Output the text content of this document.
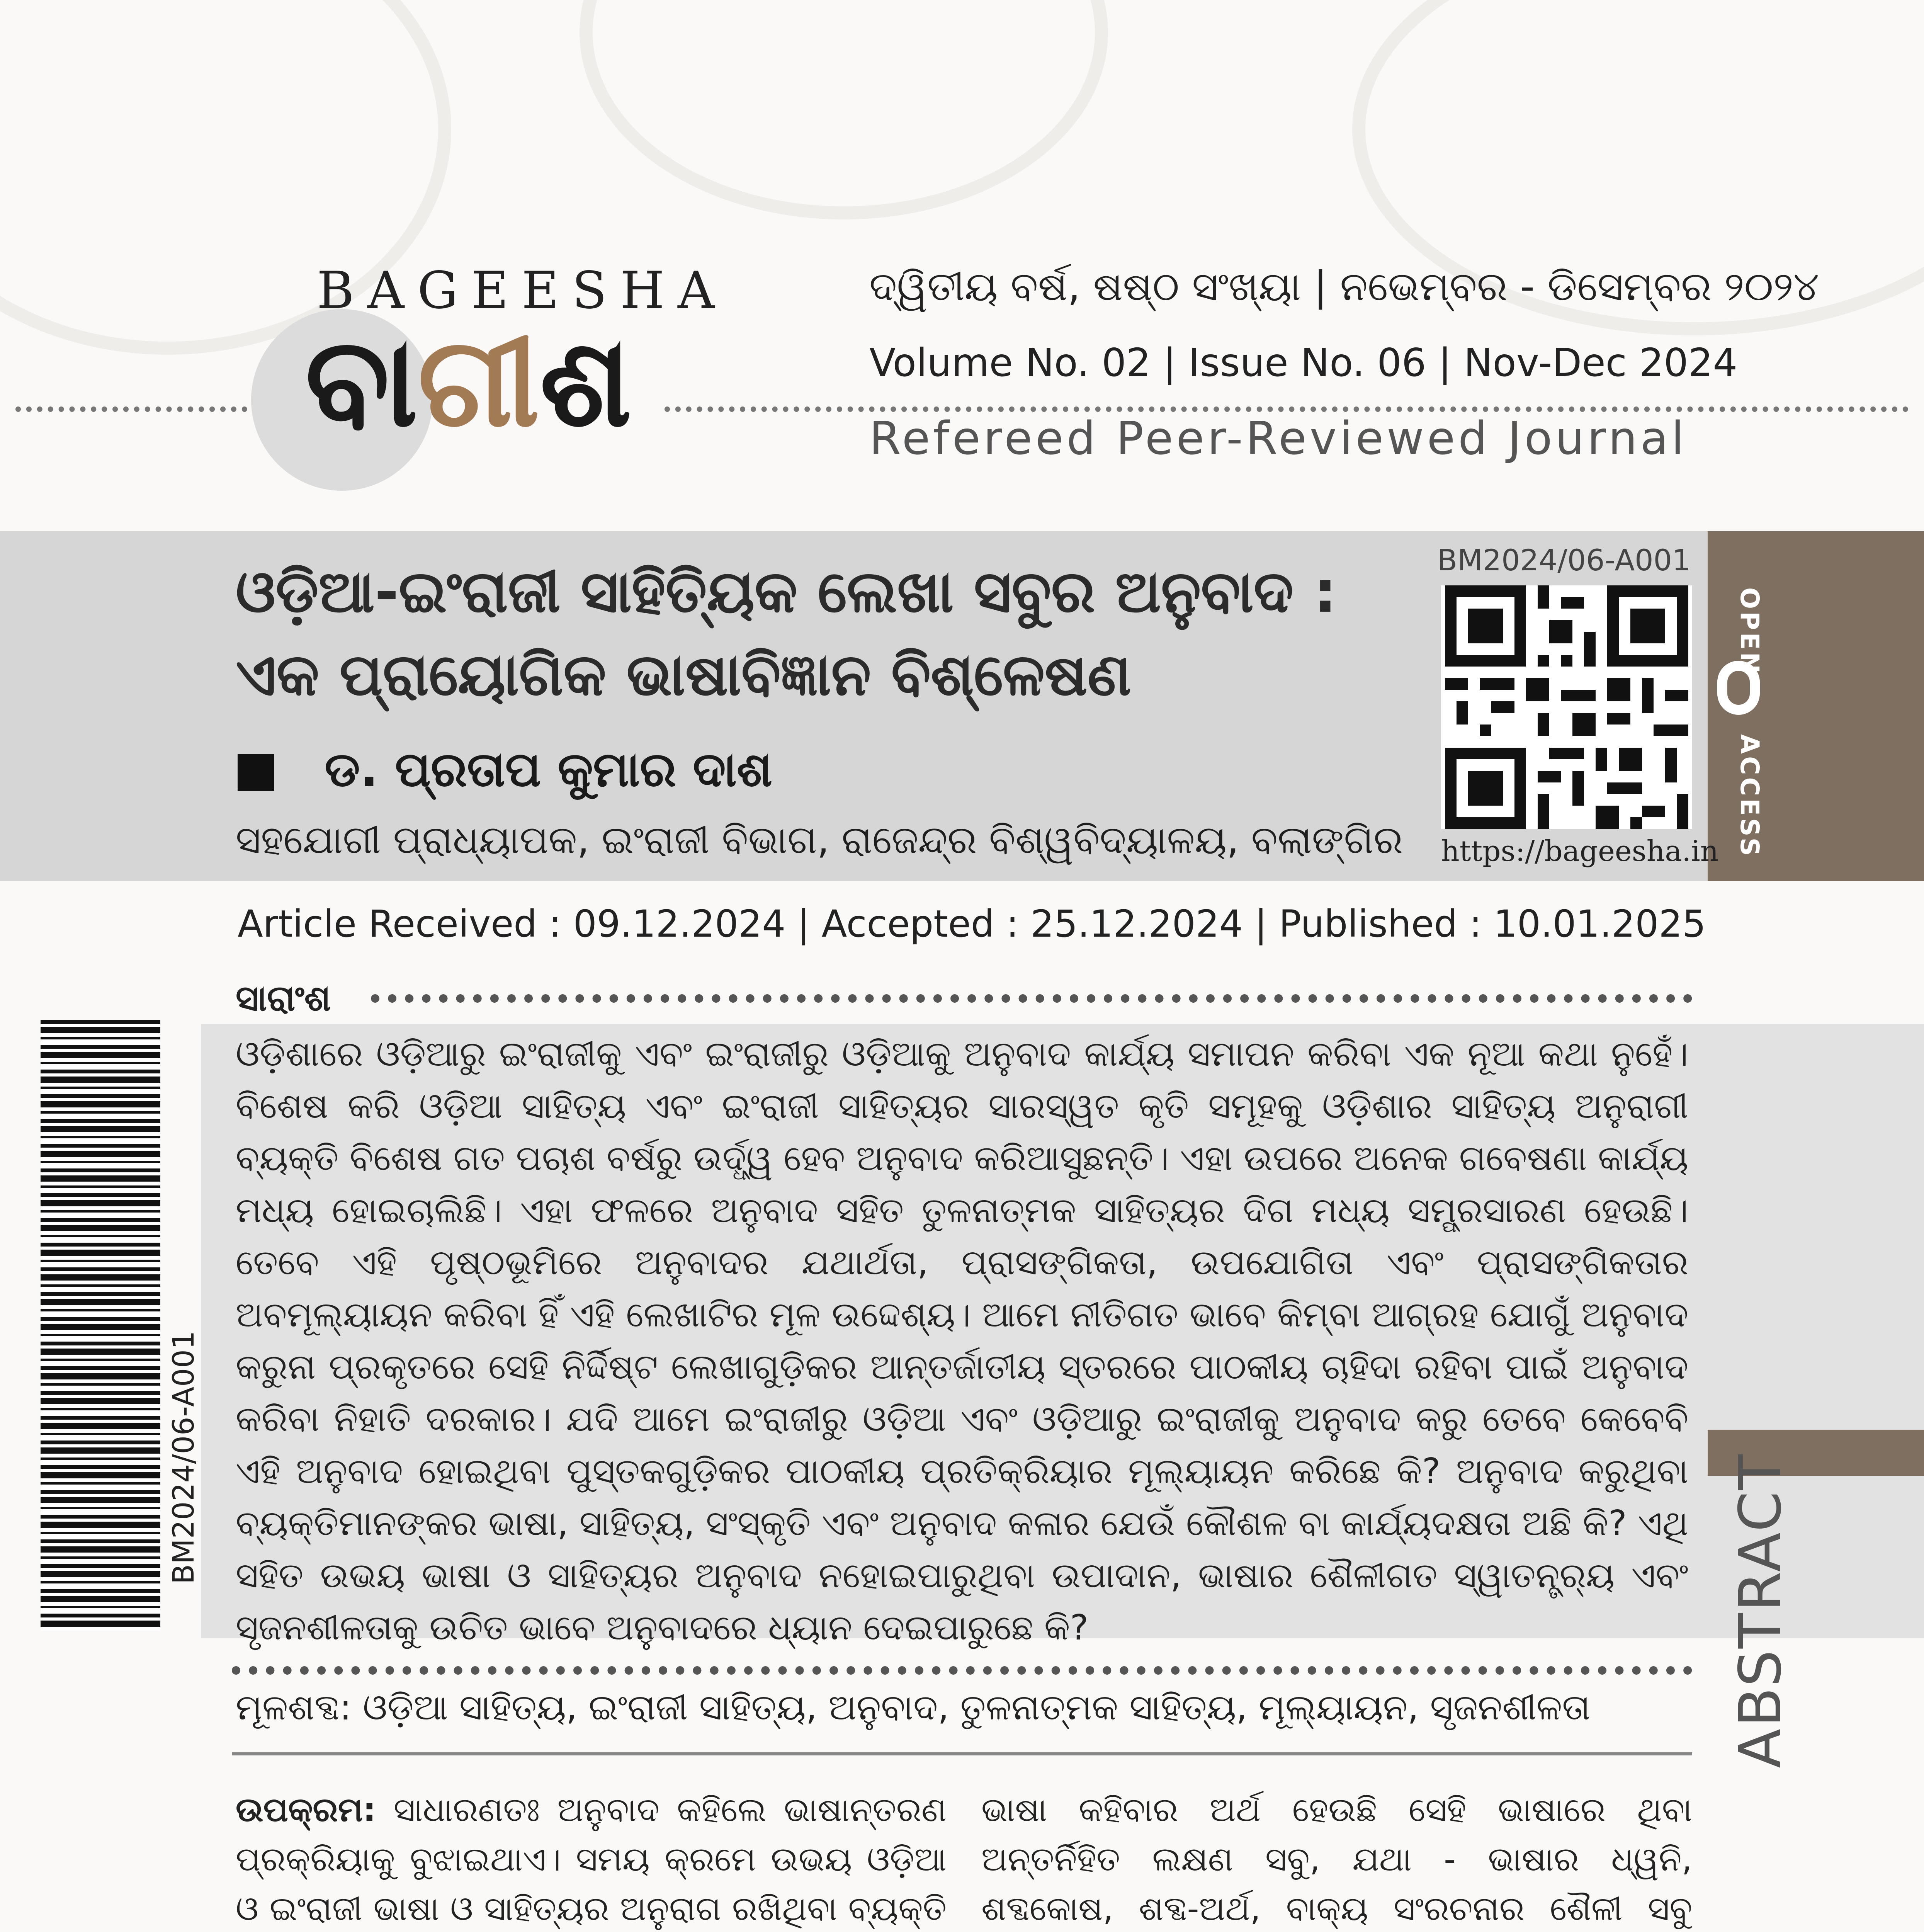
BAGEESHA
ବାଗୀଶ
ଦ୍ୱିତୀୟ ବର୍ଷ, ଷଷ୍ଠ ସଂଖ୍ୟା | ନଭେମ୍ବର - ଡିସେମ୍ବର ୨୦୨୪
Volume No. 02 | Issue No. 06 | Nov-Dec 2024
Refereed Peer-Reviewed Journal
ଓଡ଼ିଆ-ଇଂରାଜୀ ସାହିତ୍ୟିକ ଲେଖା ସବୁର ଅନୁବାଦ :
ଏକ ପ୍ରାୟୋଗିକ ଭାଷାବିଜ୍ଞାନ ବିଶ୍ଳେଷଣ
ଡ. ପ୍ରତାପ କୁମାର ଦାଶ
ସହଯୋଗୀ ପ୍ରାଧ୍ୟାପକ, ଇଂରାଜୀ ବିଭାଗ, ରାଜେନ୍ଦ୍ର ବିଶ୍ୱବିଦ୍ୟାଳୟ, ବଲାଙ୍ଗିର
BM2024/06-A001
https://bageesha.in
OPEN
ACCESS
Article Received : 09.12.2024 | Accepted : 25.12.2024 | Published : 10.01.2025
ସାରାଂଶ
ଓଡ଼ିଶାରେ ଓଡ଼ିଆରୁ ଇଂରାଜୀକୁ ଏବଂ ଇଂରାଜୀରୁ ଓଡ଼ିଆକୁ ଅନୁବାଦ କାର୍ଯ୍ୟ ସମାପନ କରିବା ଏକ ନୂଆ କଥା ନୁହେଁ। ବିଶେଷ କରି ଓଡ଼ିଆ ସାହିତ୍ୟ ଏବଂ ଇଂରାଜୀ ସାହିତ୍ୟର ସାରସ୍ୱତ କୃତି ସମୂହକୁ ଓଡ଼ିଶାର ସାହିତ୍ୟ ଅନୁରାଗୀ ବ୍ୟକ୍ତି ବିଶେଷ ଗତ ପଚାଶ ବର୍ଷରୁ ଉର୍ଦ୍ଧ୍ୱ ହେବ ଅନୁବାଦ କରିଆସୁଛନ୍ତି। ଏହା ଉପରେ ଅନେକ ଗବେଷଣା କାର୍ଯ୍ୟ ମଧ୍ୟ ହୋଇଚାଲିଛି। ଏହା ଫଳରେ ଅନୁବାଦ ସହିତ ତୁଳନାତ୍ମକ ସାହିତ୍ୟର ଦିଗ ମଧ୍ୟ ସମ୍ପ୍ରସାରଣ ହେଉଛି। ତେବେ ଏହି ପୃଷ୍ଠଭୂମିରେ ଅନୁବାଦର ଯଥାର୍ଥତା, ପ୍ରାସଙ୍ଗିକତା, ଉପଯୋଗିତା ଏବଂ ପ୍ରାସଙ୍ଗିକତାର ଅବମୂଲ୍ୟାୟନ କରିବା ହିଁ ଏହି ଲେଖାଟିର ମୂଳ ଉଦ୍ଦେଶ୍ୟ। ଆମେ ନୀତିଗତ ଭାବେ କିମ୍ବା ଆଗ୍ରହ ଯୋଗୁଁ ଅନୁବାଦ କରୁନା ପ୍ରକୃତରେ ସେହି ନିର୍ଦ୍ଦିଷ୍ଟ ଲେଖାଗୁଡ଼ିକର ଆନ୍ତର୍ଜାତୀୟ ସ୍ତରରେ ପାଠକୀୟ ଚାହିଦା ରହିବା ପାଇଁ ଅନୁବାଦ କରିବା ନିହାତି ଦରକାର। ଯଦି ଆମେ ଇଂରାଜୀରୁ ଓଡ଼ିଆ ଏବଂ ଓଡ଼ିଆରୁ ଇଂରାଜୀକୁ ଅନୁବାଦ କରୁ ତେବେ କେବେବି ଏହି ଅନୁବାଦ ହୋଇଥିବା ପୁସ୍ତକଗୁଡ଼ିକର ପାଠକୀୟ ପ୍ରତିକ୍ରିୟାର ମୂଲ୍ୟାୟନ କରିଛେ କି? ଅନୁବାଦ କରୁଥିବା ବ୍ୟକ୍ତିମାନଙ୍କର ଭାଷା, ସାହିତ୍ୟ, ସଂସ୍କୃତି ଏବଂ ଅନୁବାଦ କଳାର ଯେଉଁ କୌଶଳ ବା କାର୍ଯ୍ୟଦକ୍ଷତା ଅଛି କି? ଏଥି ସହିତ ଉଭୟ ଭାଷା ଓ ସାହିତ୍ୟର ଅନୁବାଦ ନହୋଇପାରୁଥିବା ଉପାଦାନ, ଭାଷାର ଶୈଳୀଗତ ସ୍ୱାତନ୍ତ୍ର୍ୟ ଏବଂ ସୃଜନଶୀଳତାକୁ ଉଚିତ ଭାବେ ଅନୁବାଦରେ ଧ୍ୟାନ ଦେଇପାରୁଛେ କି?	ABSTRACT
BM2024/06-A001
ମୂଳଶବ୍ଦ: ଓଡ଼ିଆ ସାହିତ୍ୟ, ଇଂରାଜୀ ସାହିତ୍ୟ, ଅନୁବାଦ, ତୁଳନାତ୍ମକ ସାହିତ୍ୟ, ମୂଲ୍ୟାୟନ, ସୃଜନଶୀଳତା
ଉପକ୍ରମ: ସାଧାରଣତଃ ଅନୁବାଦ କହିଲେ ଭାଷାନ୍ତରଣ ପ୍ରକ୍ରିୟାକୁ ବୁଝାଇଥାଏ। ସମୟ କ୍ରମେ ଉଭୟ ଓଡ଼ିଆ ଓ ଇଂରାଜୀ ଭାଷା ଓ ସାହିତ୍ୟର ଅନୁରାଗ ରଖିଥିବା ବ୍ୟକ୍ତି
ଭାଷା କହିବାର ଅର୍ଥ ହେଉଛି ସେହି ଭାଷାରେ ଥିବା ଅନ୍ତର୍ନିହିତ ଲକ୍ଷଣ ସବୁ, ଯଥା - ଭାଷାର ଧ୍ୱନି, ଶବ୍ଦକୋଷ, ଶବ୍ଦ-ଅର୍ଥ, ବାକ୍ୟ ସଂରଚନାର ଶୈଳୀ ସବୁ
